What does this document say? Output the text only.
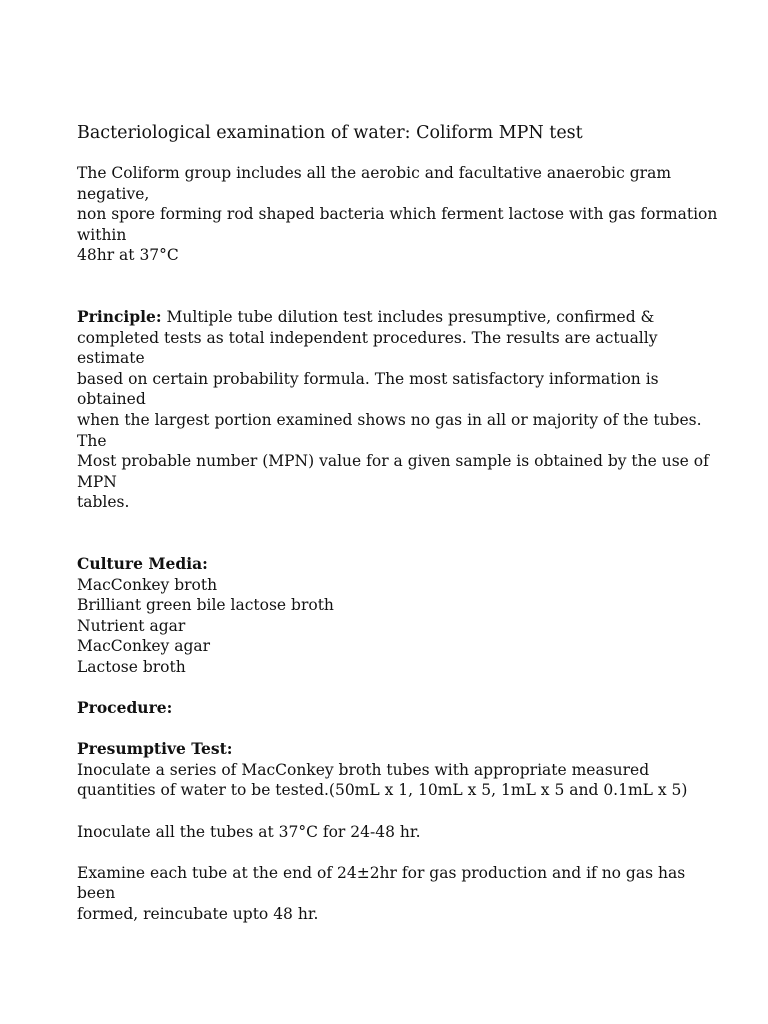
Bacteriological examination of water: Coliform MPN test
The Coliform group includes all the aerobic and facultative anaerobic gram
negative,
non spore forming rod shaped bacteria which ferment lactose with gas formation
within
48hr at 37°C
Principle: Multiple tube dilution test includes presumptive, confirmed &
completed tests as total independent procedures. The results are actually
estimate
based on certain probability formula. The most satisfactory information is
obtained
when the largest portion examined shows no gas in all or majority of the tubes.
The
Most probable number (MPN) value for a given sample is obtained by the use of
MPN
tables.
Culture Media:
MacConkey broth
Brilliant green bile lactose broth
Nutrient agar
MacConkey agar
Lactose broth
Procedure:
Presumptive Test:
Inoculate a series of MacConkey broth tubes with appropriate measured
quantities of water to be tested.(50mL x 1, 10mL x 5, 1mL x 5 and 0.1mL x 5)
Inoculate all the tubes at 37°C for 24-48 hr.
Examine each tube at the end of 24±2hr for gas production and if no gas has
been
formed, reincubate upto 48 hr.
